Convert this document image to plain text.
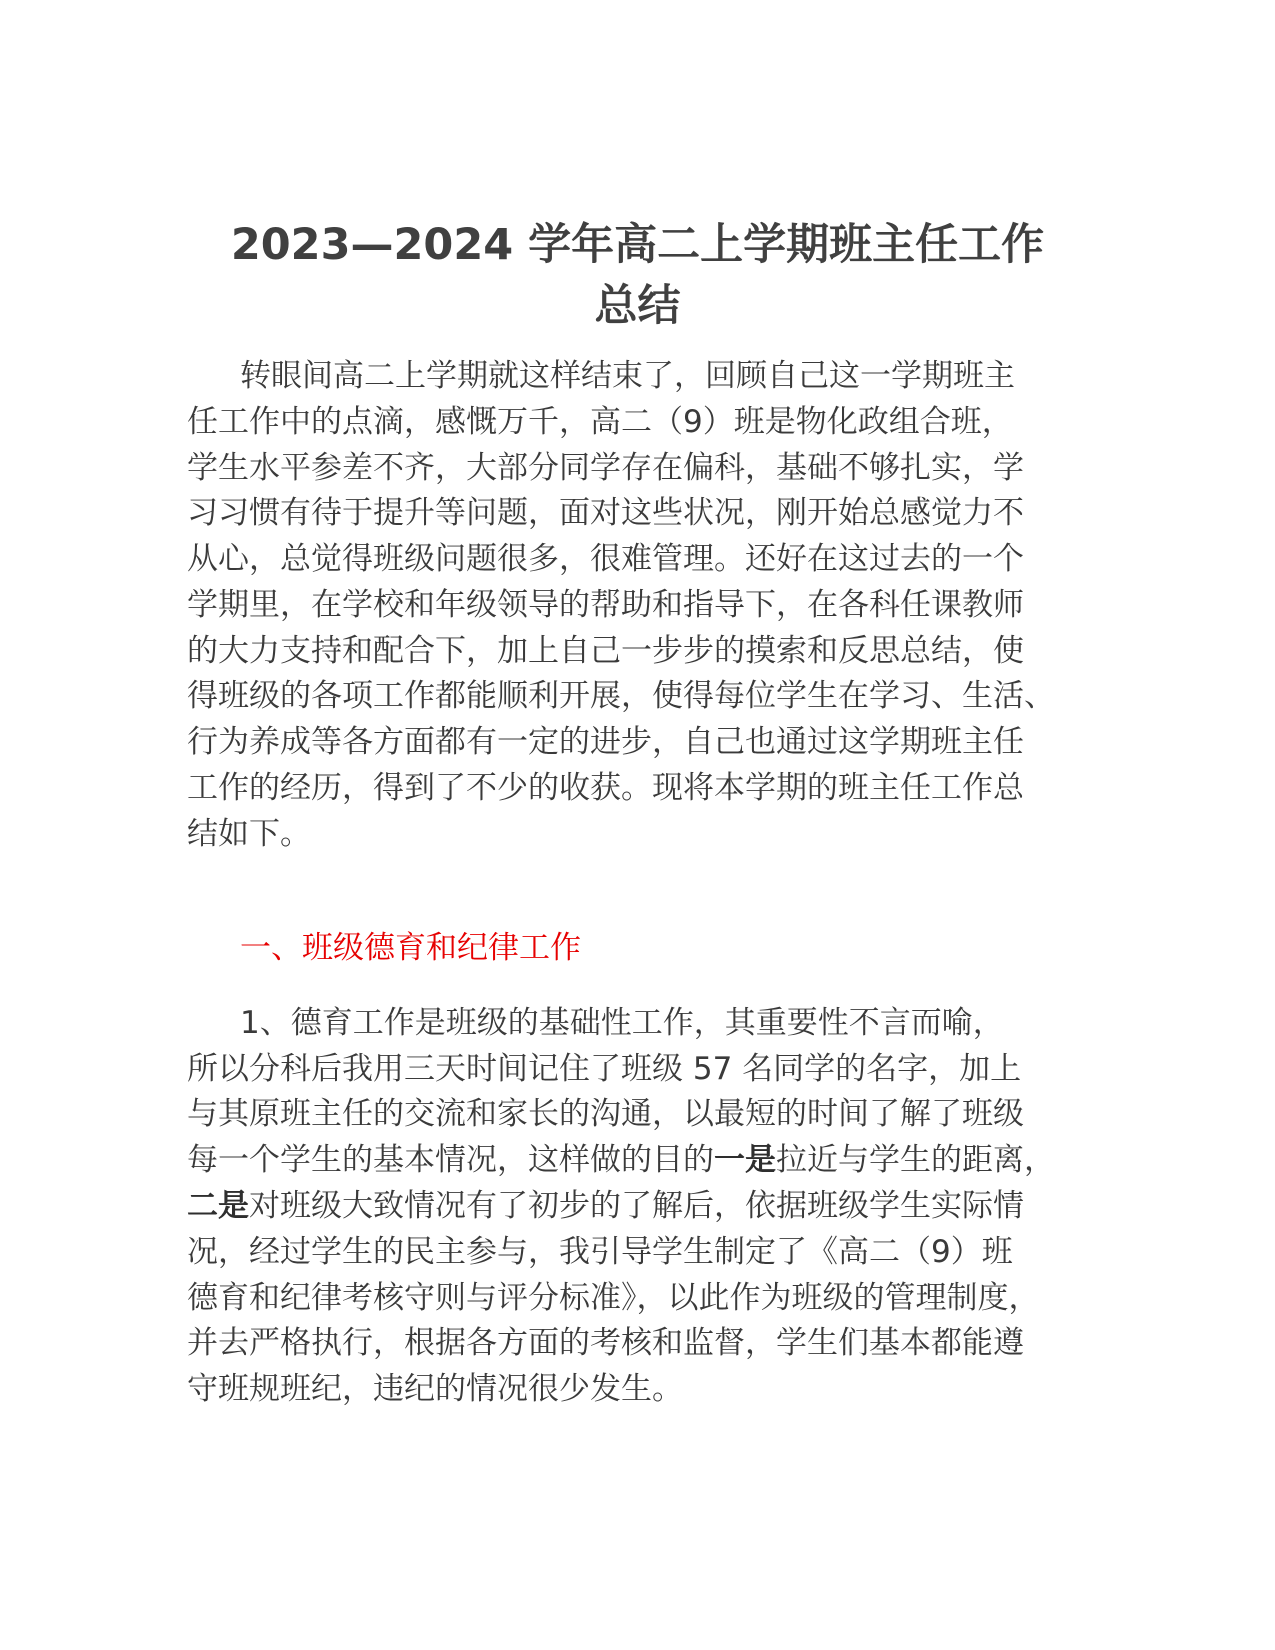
2023—2024 学年高二上学期班主任工作
总结
转眼间高二上学期就这样结束了，回顾自己这一学期班主
任工作中的点滴，感慨万千，高二（9）班是物化政组合班，
学生水平参差不齐，大部分同学存在偏科，基础不够扎实，学
习习惯有待于提升等问题，面对这些状况，刚开始总感觉力不
从心，总觉得班级问题很多，很难管理。还好在这过去的一个
学期里，在学校和年级领导的帮助和指导下，在各科任课教师
的大力支持和配合下，加上自己一步步的摸索和反思总结，使
得班级的各项工作都能顺利开展，使得每位学生在学习、生活、
行为养成等各方面都有一定的进步，自己也通过这学期班主任
工作的经历，得到了不少的收获。现将本学期的班主任工作总
结如下。
一、班级德育和纪律工作
1、德育工作是班级的基础性工作，其重要性不言而喻，
所以分科后我用三天时间记住了班级 57 名同学的名字，加上
与其原班主任的交流和家长的沟通，以最短的时间了解了班级
每一个学生的基本情况，这样做的目的一是拉近与学生的距离，
二是对班级大致情况有了初步的了解后，依据班级学生实际情
况，经过学生的民主参与，我引导学生制定了《高二（9）班
德育和纪律考核守则与评分标准》，以此作为班级的管理制度，
并去严格执行，根据各方面的考核和监督，学生们基本都能遵
守班规班纪，违纪的情况很少发生。
